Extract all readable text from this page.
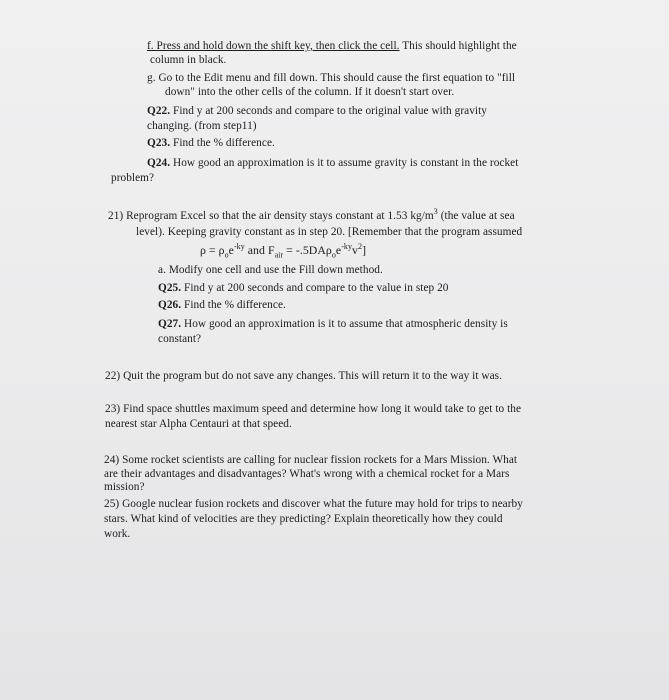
f. Press and hold down the shift key, then click the cell. This should highlight the
column in black.
g. Go to the Edit menu and fill down. This should cause the first equation to "fill
down" into the other cells of the column. If it doesn't start over.
Q22. Find y at 200 seconds and compare to the original value with gravity
changing. (from step11)
Q23. Find the % difference.
Q24. How good an approximation is it to assume gravity is constant in the rocket
problem?
21) Reprogram Excel so that the air density stays constant at 1.53 $kg/m^3$ (the value at sea
level). Keeping gravity constant as in step 20. [Remember that the program assumed
$\rho = \rho_oe^{-ky}$ and $F_{air} = -.5DA\rho_oe^{-ky}v^2$]
a. Modify one cell and use the Fill down method.
Q25. Find y at 200 seconds and compare to the value in step 20
Q26. Find the % difference.
Q27. How good an approximation is it to assume that atmospheric density is
constant?
22) Quit the program but do not save any changes. This will return it to the way it was.
23) Find space shuttles maximum speed and determine how long it would take to get to the
nearest star Alpha Centauri at that speed.
24) Some rocket scientists are calling for nuclear fission rockets for a Mars Mission. What
are their advantages and disadvantages? What's wrong with a chemical rocket for a Mars
mission?
25) Google nuclear fusion rockets and discover what the future may hold for trips to nearby
stars. What kind of velocities are they predicting? Explain theoretically how they could
work.
